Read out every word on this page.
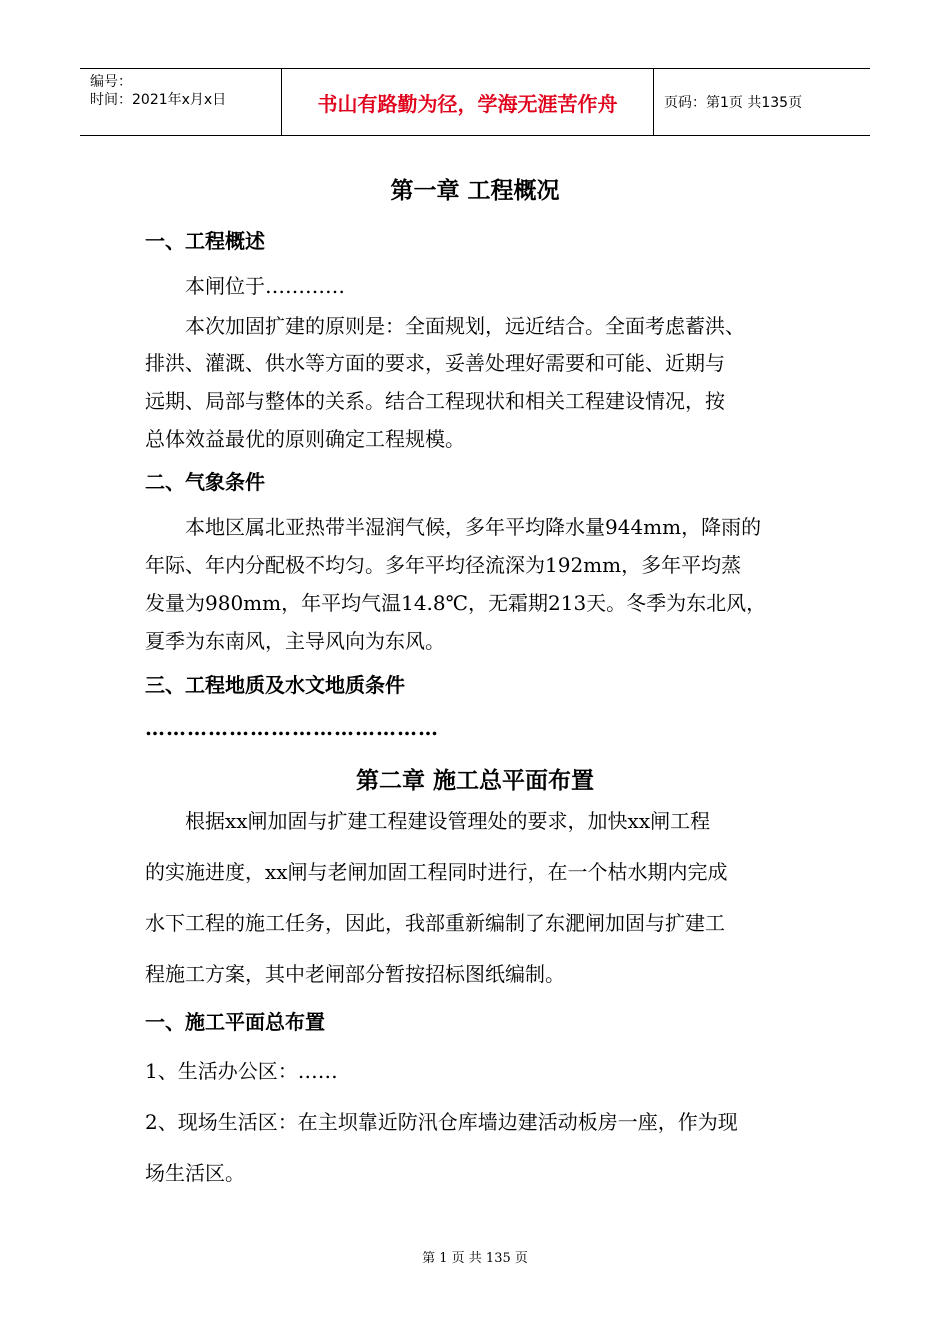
编号：
时间：2021年x月x日	书山有路勤为径，学海无涯苦作舟	页码：第1页 共135页
第一章 工程概况
一、工程概述
本闸位于…………
本次加固扩建的原则是：全面规划，远近结合。全面考虑蓄洪、
排洪、灌溉、供水等方面的要求，妥善处理好需要和可能、近期与
远期、局部与整体的关系。结合工程现状和相关工程建设情况，按
总体效益最优的原则确定工程规模。
二、气象条件
本地区属北亚热带半湿润气候，多年平均降水量944mm，降雨的
年际、年内分配极不均匀。多年平均径流深为192mm，多年平均蒸
发量为980mm，年平均气温14.8℃，无霜期213天。冬季为东北风，
夏季为东南风，主导风向为东风。
三、工程地质及水文地质条件
……………………………………
第二章 施工总平面布置
根据xx闸加固与扩建工程建设管理处的要求，加快xx闸工程
的实施进度，xx闸与老闸加固工程同时进行，在一个枯水期内完成
水下工程的施工任务，因此，我部重新编制了东淝闸加固与扩建工
程施工方案，其中老闸部分暂按招标图纸编制。
一、施工平面总布置
1、生活办公区：……
2、现场生活区：在主坝靠近防汛仓库墙边建活动板房一座，作为现
场生活区。
第 1 页 共 135 页
